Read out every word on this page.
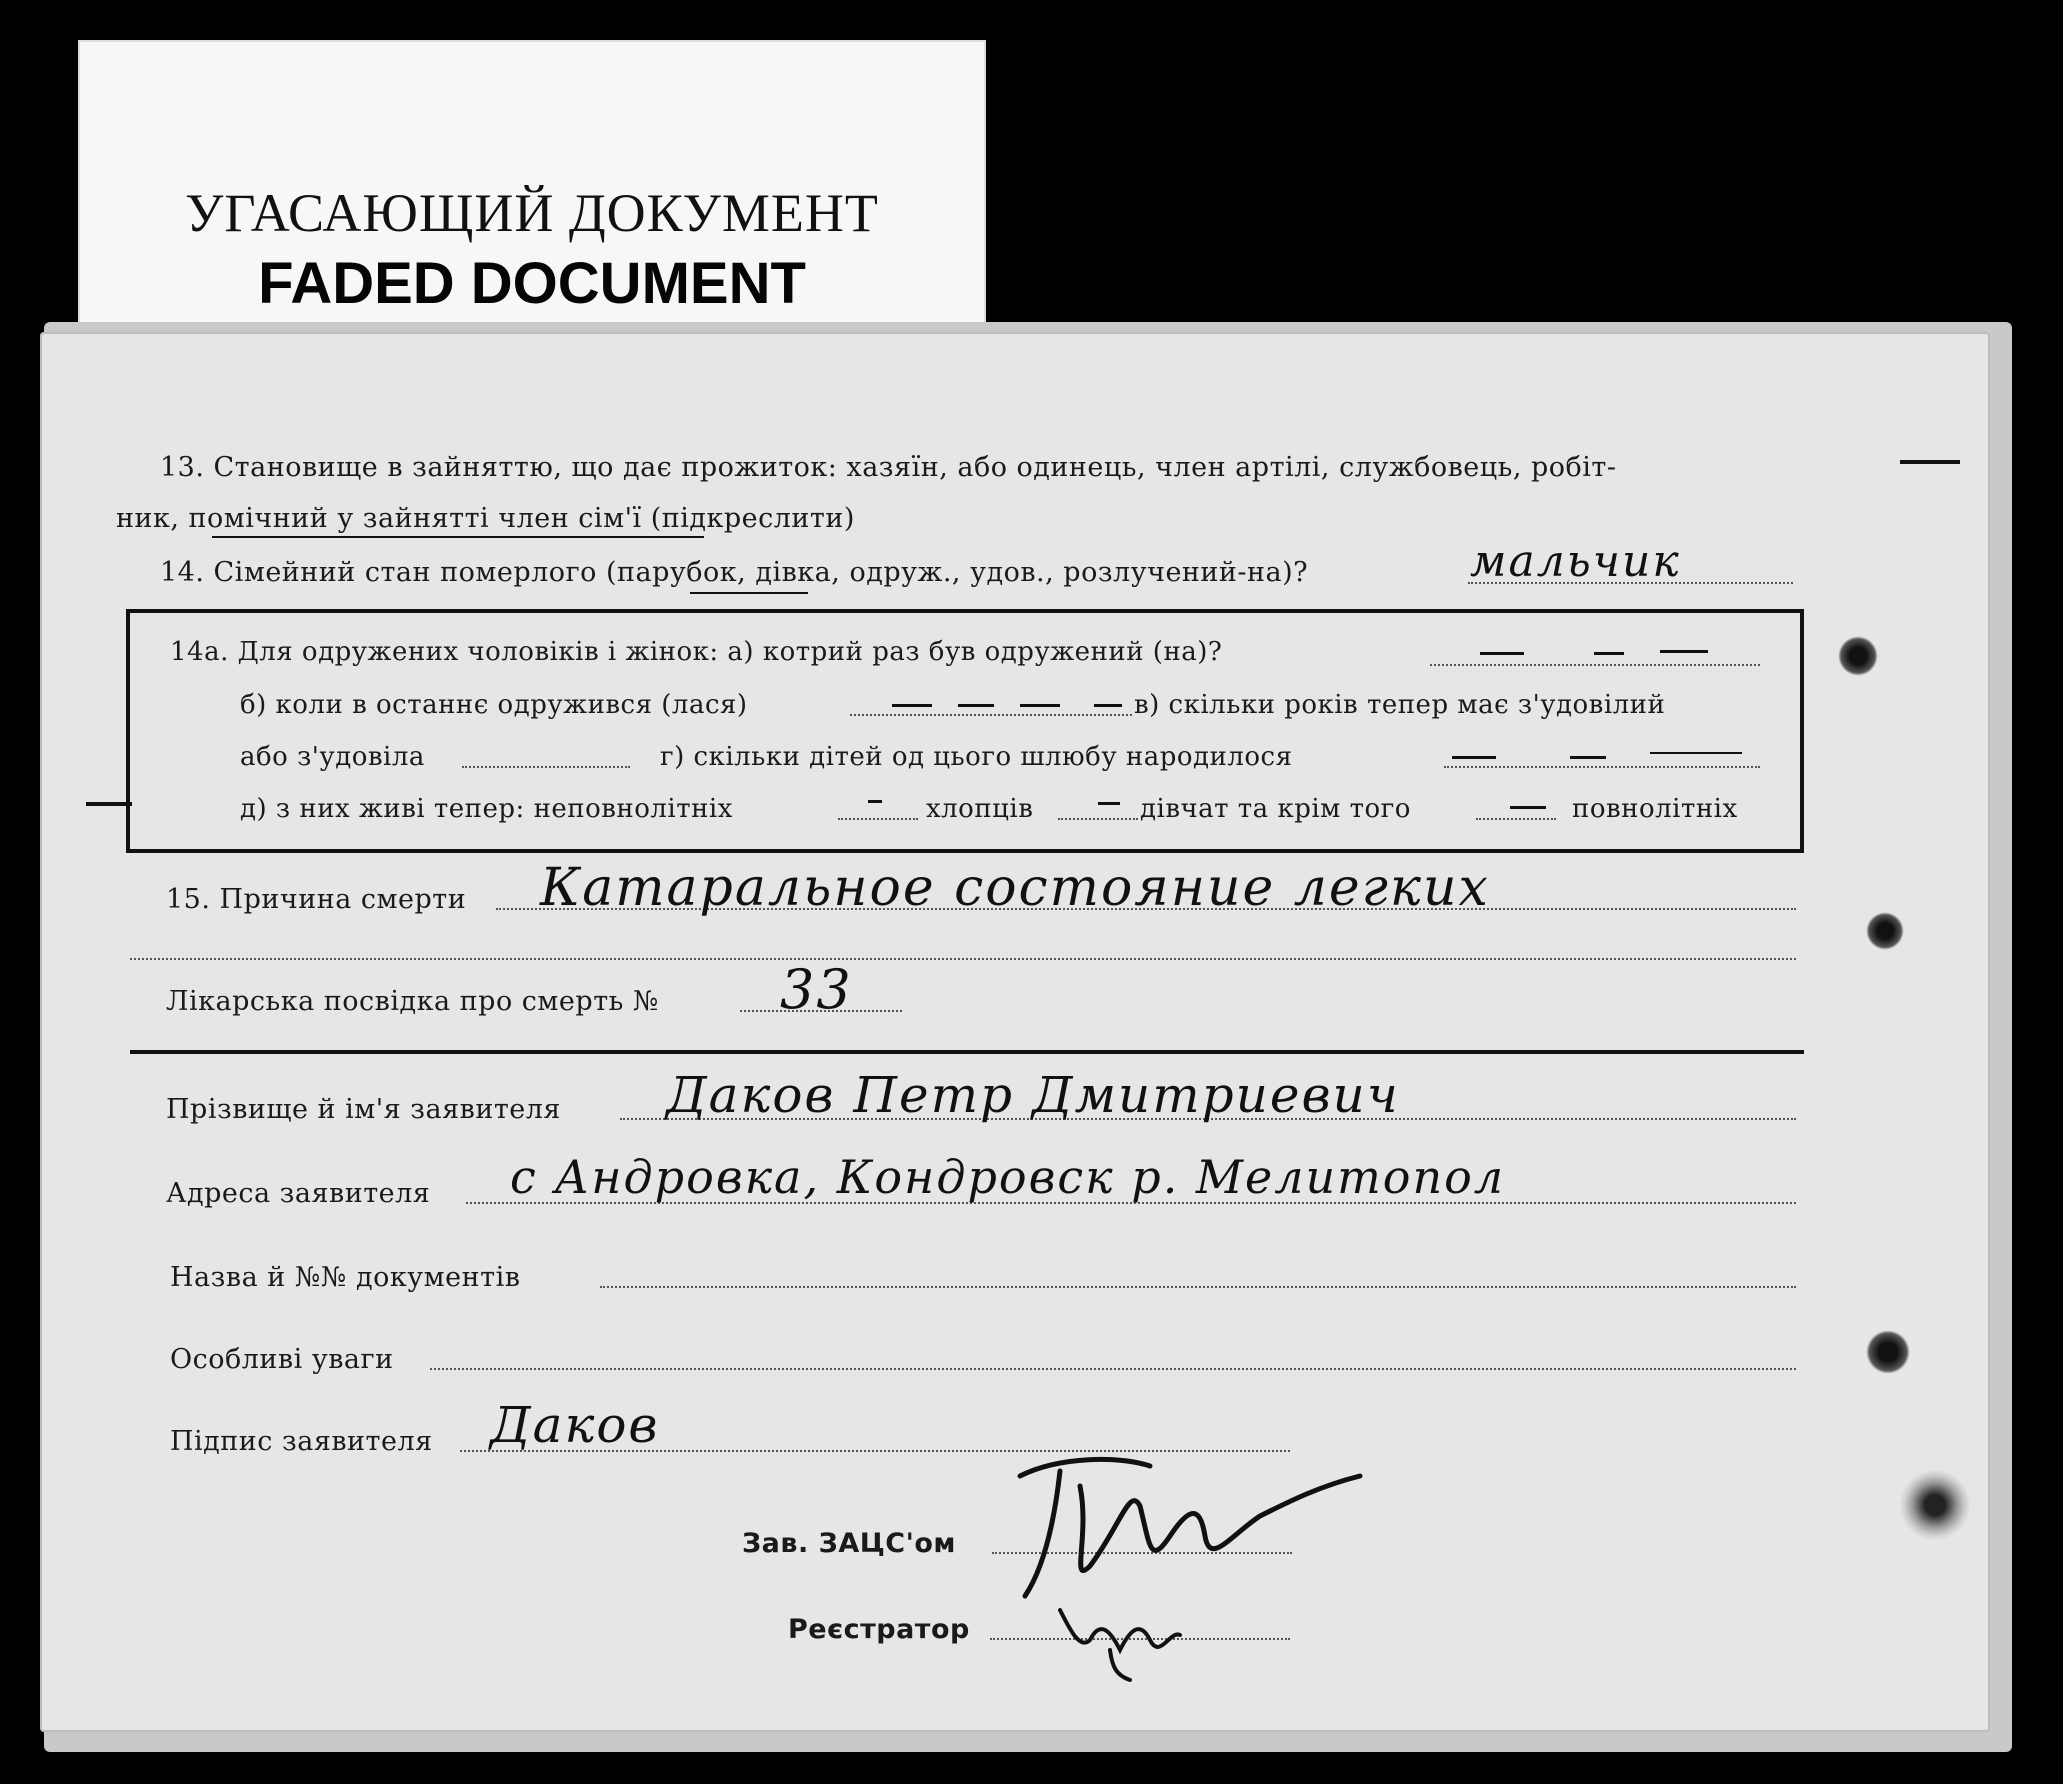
УГАСАЮЩИЙ ДОКУМЕНТ
FADED DOCUMENT
13. Становище в зайняттю, що дає прожиток: хазяїн, або одинець, член артілі, службовець, робіт-
ник, помічний у зайнятті член сім'ї (підкреслити)
14. Сімейний стан померлого (парубок, дівка, одруж., удов., розлучений-на)?	мальчик
14а. Для одружених чоловіків і жінок: а) котрий раз був одружений (на)?
б) коли в останнє одружився (лася)	в) скільки років тепер має з'удовілий
або з'удовіла	г) скільки дітей од цього шлюбу народилося
д) з них живі тепер: неповнолітніх	хлопців	дівчат та крім того	повнолітніх
15. Причина смерти Катаральное состояние легких
Лікарська посвідка про смерть № 33
Прізвище й ім'я заявителя Даков Петр Дмитриевич
Адреса заявителя с Андровка, Кондровск р. Мелитопол
Назва й №№ документів
Особливі уваги
Підпис заявителя Даков
Зав. ЗАЦС'ом
Реєстратор
